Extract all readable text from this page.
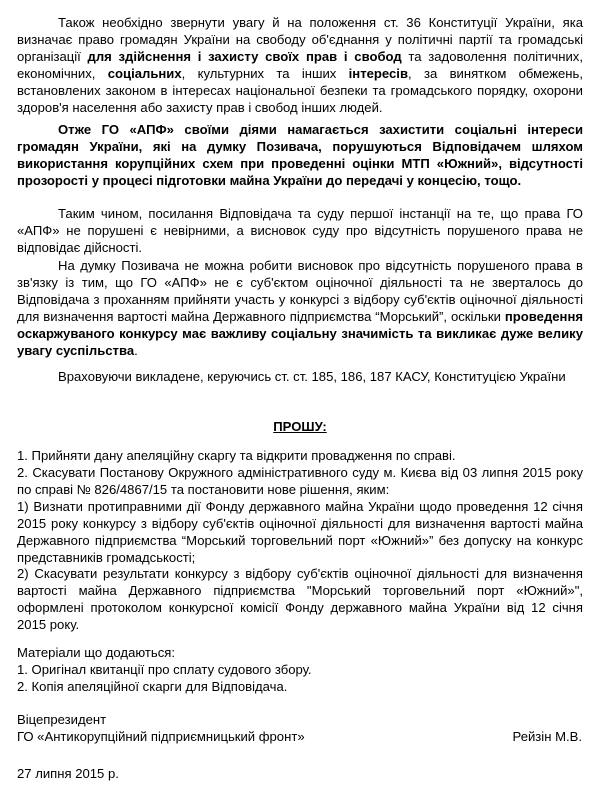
Також необхідно звернути увагу й на положення ст. 36 Конституції України, яка визначає право громадян України на свободу об'єднання у політичні партії та громадські організації для здійснення і захисту своїх прав і свобод та задоволення політичних, економічних, соціальних, культурних та інших інтересів, за винятком обмежень, встановлених законом в інтересах національної безпеки та громадського порядку, охорони здоров'я населення або захисту прав і свобод інших людей.

Отже ГО «АПФ» своїми діями намагається захистити соціальні інтереси громадян України, які на думку Позивача, порушуються Відповідачем шляхом використання корупційних схем при проведенні оцінки МТП «Южний», відсутності прозорості у процесі підготовки майна України до передачі у концесію, тощо.

Таким чином, посилання Відповідача та суду першої інстанції на те, що права ГО «АПФ» не порушені є невірними, а висновок суду про відсутність порушеного права не відповідає дійсності.

На думку Позивача не можна робити висновок про відсутність порушеного права в зв'язку із тим, що ГО «АПФ» не є суб'єктом оціночної діяльності та не зверталось до Відповідача з проханням прийняти участь у конкурсі з відбору суб'єктів оціночної діяльності для визначення вартості майна Державного підприємства “Морський”, оскільки проведення оскаржуваного конкурсу має важливу соціальну значимість та викликає дуже велику увагу суспільства.

Враховуючи викладене, керуючись ст. ст. 185, 186, 187 КАСУ, Конституцією України

ПРОШУ:

1. Прийняти дану апеляційну скаргу та відкрити провадження по справі.

2. Скасувати Постанову Окружного адміністративного суду м. Києва від 03 липня 2015 року по справі № 826/4867/15 та постановити нове рішення, яким:

1) Визнати протиправними дії Фонду державного майна України щодо проведення 12 січня 2015 року конкурсу з відбору суб'єктів оціночної діяльності для визначення вартості майна Державного підприємства “Морський торговельний порт «Южний»” без допуску на конкурс представників громадськості;

2) Скасувати результати конкурсу з відбору суб'єктів оціночної діяльності для визначення вартості майна Державного підприємства "Морський торговельний порт «Южний»", оформлені протоколом конкурсної комісії Фонду державного майна України від 12 січня 2015 року.

Матеріали що додаються:
1. Оригінал квитанції про сплату судового збору.
2. Копія апеляційної скарги для Відповідача.
Віцепрезидент
ГО «Антикорупційний підприємницький фронт»	Рейзін М.В.
27 липня 2015 р.
